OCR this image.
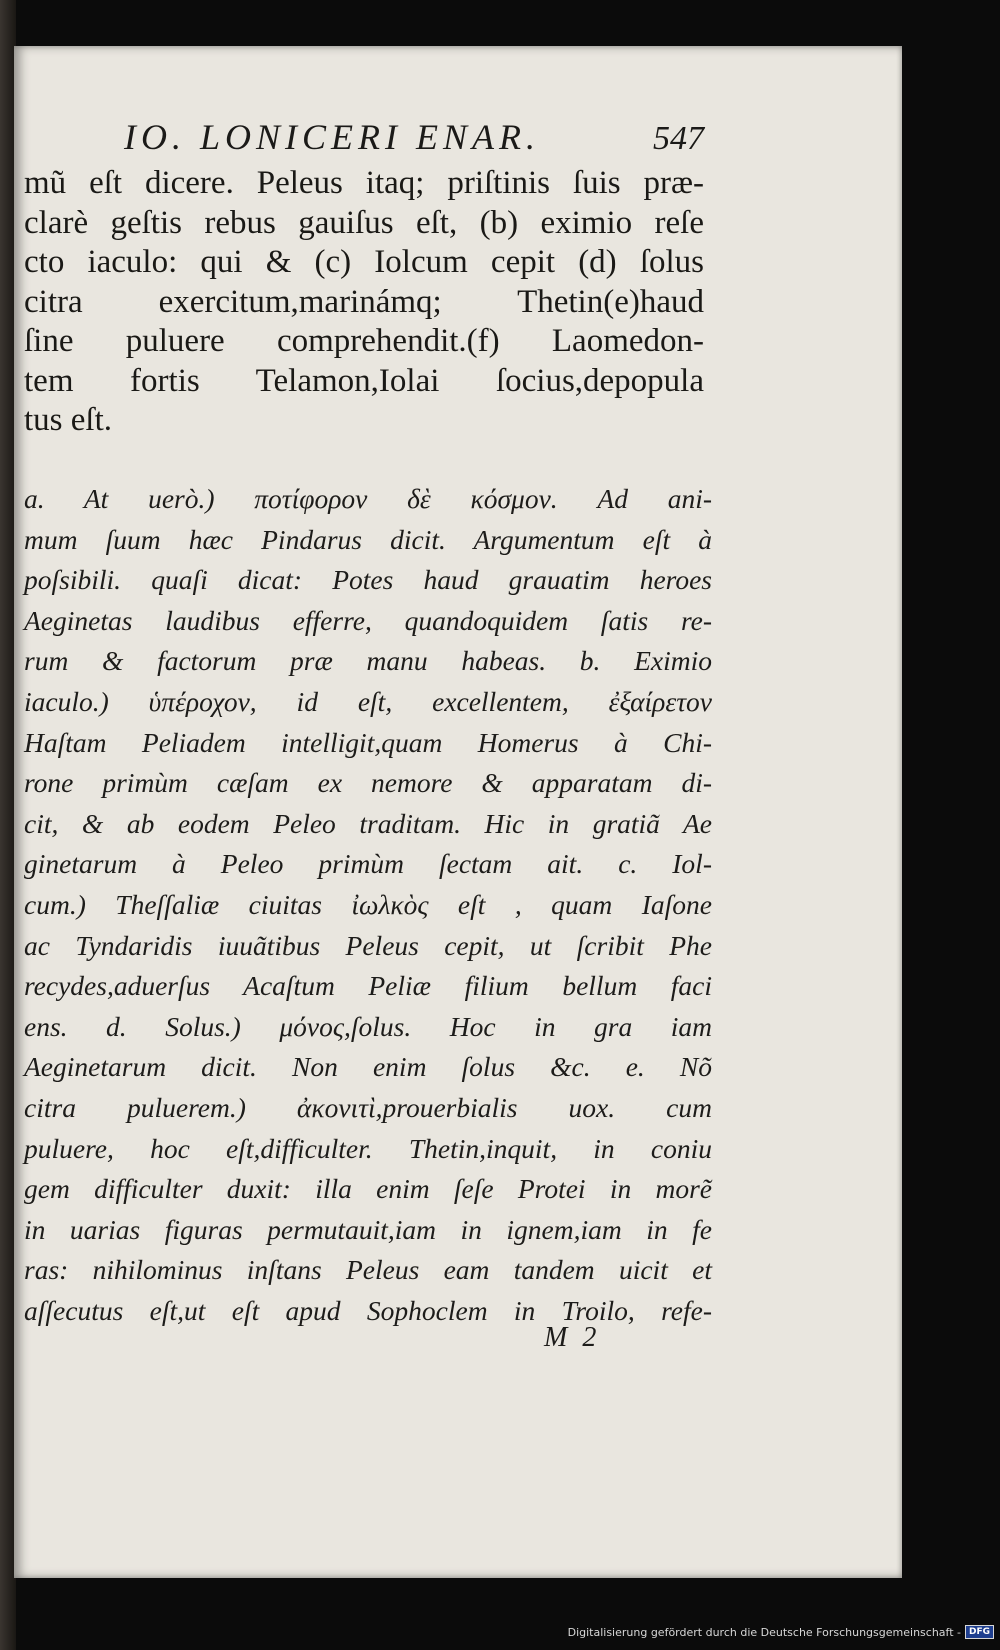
IO. LONICERI ENAR.	547
mũ eſt dicere. Peleus itaq; priſtinis ſuis præ-
clarè geſtis rebus gauiſus eſt, (b) eximio reſe
cto iaculo: qui & (c) Iolcum cepit (d) ſolus
citra exercitum,marinámq; Thetin(e)haud
ſine puluere comprehendit.(f) Laomedon-
tem fortis Telamon,Iolai ſocius,depopula
tus eſt.
a. At uerò.) ποτίφορον δὲ κόσμον. Ad ani-
mum ſuum hæc Pindarus dicit. Argumentum eſt à
poſsibili. quaſi dicat: Potes haud grauatim heroes
Aeginetas laudibus efferre, quandoquidem ſatis re-
rum & factorum præ manu habeas. b. Eximio
iaculo.) ὑπέροχον, id eſt, excellentem, ἐξαίρετον
Haſtam Peliadem intelligit,quam Homerus à Chi-
rone primùm cæſam ex nemore & apparatam di-
cit, & ab eodem Peleo traditam. Hic in gratiã Ae
ginetarum à Peleo primùm ſectam ait. c. Iol-
cum.) Theſſaliæ ciuitas ἰωλκὸς eſt , quam Iaſone
ac Tyndaridis iuuãtibus Peleus cepit, ut ſcribit Phe
recydes,aduerſus Acaſtum Peliæ filium bellum faci
ens. d. Solus.) μόνος,ſolus. Hoc in gra iam
Aeginetarum dicit. Non enim ſolus &c. e. Nõ
citra puluerem.) ἀκονιτὶ,prouerbialis uox. cum
puluere, hoc eſt,difficulter. Thetin,inquit, in coniu
gem difficulter duxit: illa enim ſeſe Protei in morẽ
in uarias figuras permutauit,iam in ignem,iam in fe
ras: nihilominus inſtans Peleus eam tandem uicit et
aſſecutus eſt,ut eſt apud Sophoclem in Troilo, refe-
M 2
Digitalisierung gefördert durch die Deutsche Forschungsgemeinschaft - DFG
